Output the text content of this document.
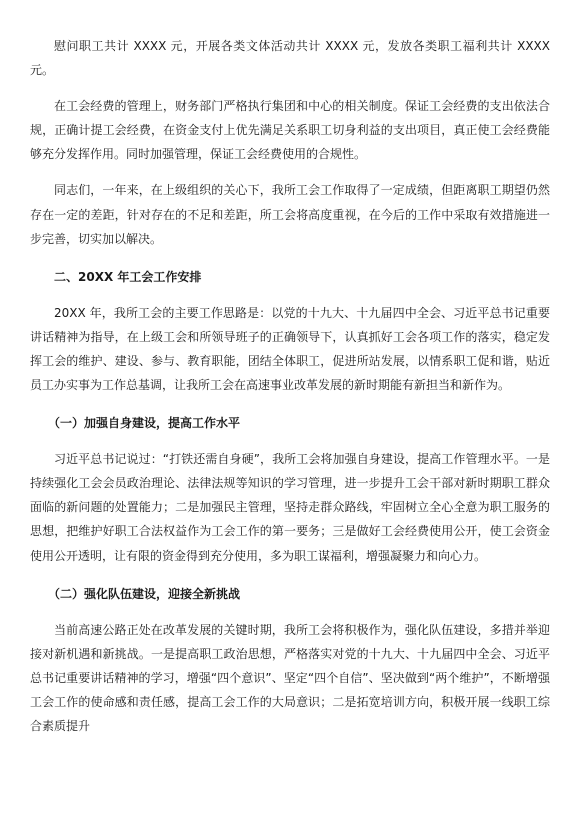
慰问职工共计 XXXX 元，开展各类文体活动共计 XXXX 元，发放各类职工福利共计 XXXX 元。

在工会经费的管理上，财务部门严格执行集团和中心的相关制度。保证工会经费的支出依法合规，正确计提工会经费，在资金支付上优先满足关系职工切身利益的支出项目，真正使工会经费能够充分发挥作用。同时加强管理，保证工会经费使用的合规性。

同志们，一年来，在上级组织的关心下，我所工会工作取得了一定成绩，但距离职工期望仍然存在一定的差距，针对存在的不足和差距，所工会将高度重视，在今后的工作中采取有效措施进一步完善，切实加以解决。

二、20XX 年工会工作安排

20XX 年，我所工会的主要工作思路是：以党的十九大、十九届四中全会、习近平总书记重要讲话精神为指导，在上级工会和所领导班子的正确领导下，认真抓好工会各项工作的落实，稳定发挥工会的维护、建设、参与、教育职能，团结全体职工，促进所站发展，以情系职工促和谐，贴近员工办实事为工作总基调，让我所工会在高速事业改革发展的新时期能有新担当和新作为。

（一）加强自身建设，提高工作水平

习近平总书记说过：“打铁还需自身硬”，我所工会将加强自身建设，提高工作管理水平。一是持续强化工会会员政治理论、法律法规等知识的学习管理，进一步提升工会干部对新时期职工群众面临的新问题的处置能力；二是加强民主管理，坚持走群众路线，牢固树立全心全意为职工服务的思想，把维护好职工合法权益作为工会工作的第一要务；三是做好工会经费使用公开，使工会资金使用公开透明，让有限的资金得到充分使用，多为职工谋福利，增强凝聚力和向心力。

（二）强化队伍建设，迎接全新挑战

当前高速公路正处在改革发展的关键时期，我所工会将积极作为，强化队伍建设，多措并举迎接对新机遇和新挑战。一是提高职工政治思想，严格落实对党的十九大、十九届四中全会、习近平总书记重要讲话精神的学习，增强“四个意识”、坚定“四个自信”、坚决做到“两个维护”，不断增强工会工作的使命感和责任感，提高工会工作的大局意识；二是拓宽培训方向，积极开展一线职工综合素质提升
